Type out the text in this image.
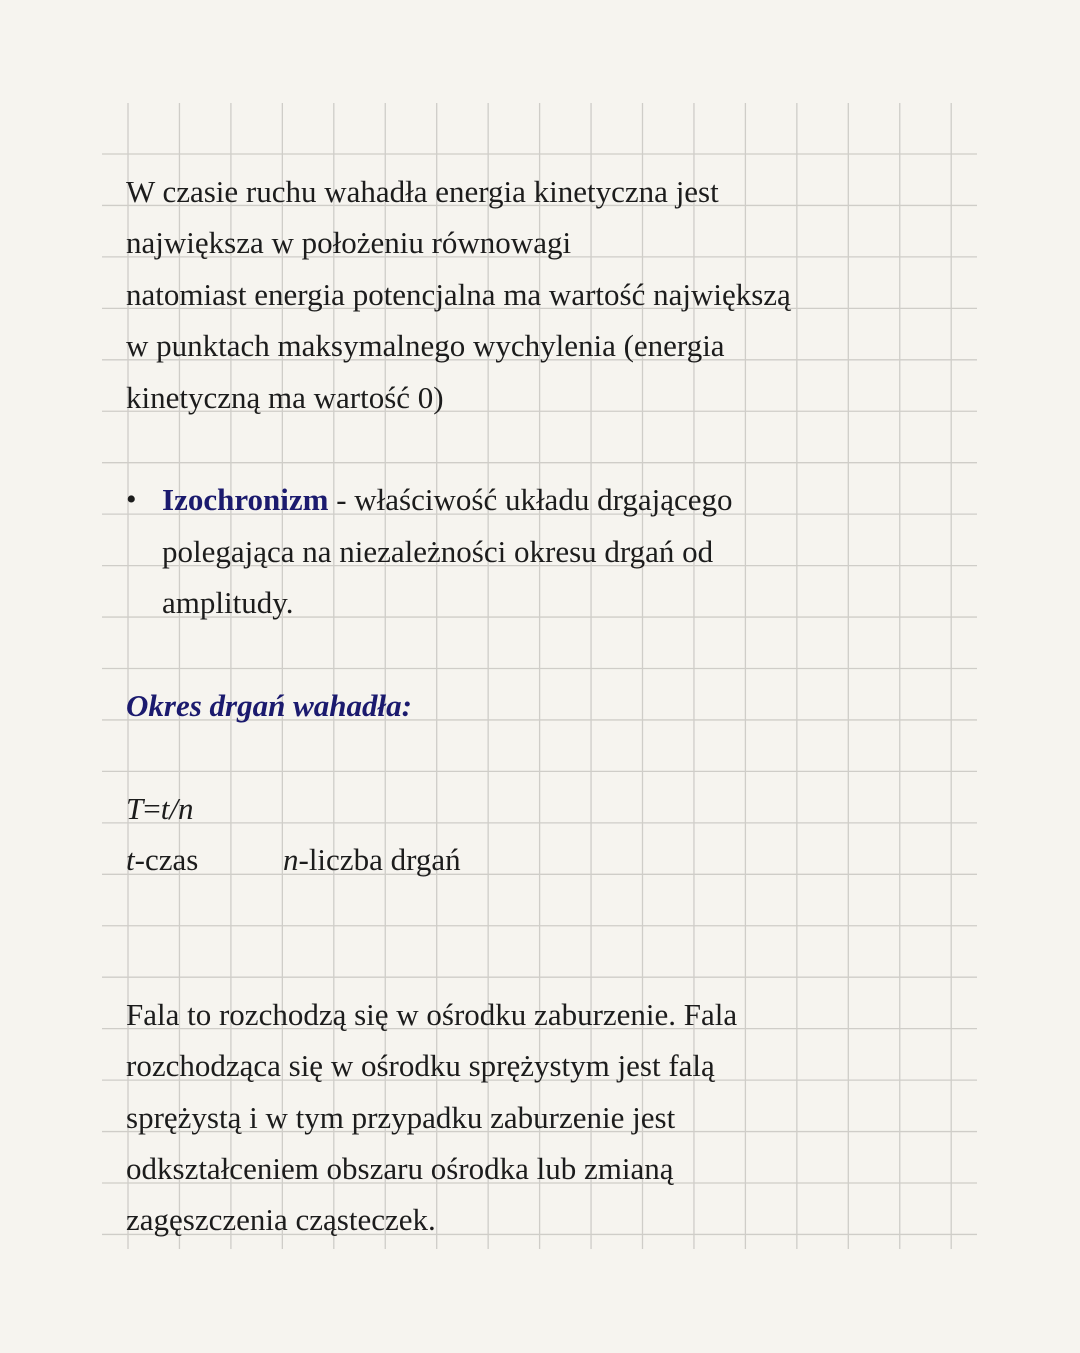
W czasie ruchu wahadła energia kinetyczna jest
największa w położeniu równowagi
natomiast energia potencjalna ma wartość największą
w punktach maksymalnego wychylenia (energia
kinetyczną ma wartość 0)
• Izochronizm - właściwość układu drgającego
polegająca na niezależności okresu drgań od
amplitudy.
Okres drgań wahadła:
T=t/n
t-czas	n-liczba drgań
Fala to rozchodzą się w ośrodku zaburzenie. Fala
rozchodząca się w ośrodku sprężystym jest falą
sprężystą i w tym przypadku zaburzenie jest
odkształceniem obszaru ośrodka lub zmianą
zagęszczenia cząsteczek.
